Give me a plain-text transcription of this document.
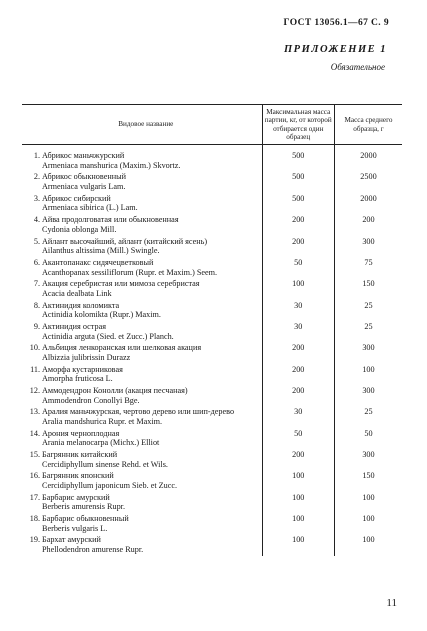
ГОСТ 13056.1—67 С. 9
ПРИЛОЖЕНИЕ 1
Обязательное
Видовое название	Максимальная масса партии, кг, от которой отбирается один образец	Масса среднего образца, г
1. Абрикос маньчжурский
Armeniaca manshurica (Maxim.) Skvortz.	500	2000
2. Абрикос обыкновенный
Armeniaca vulgaris Lam.	500	2500
3. Абрикос сибирский
Armeniaca sibirica (L.) Lam.	500	2000
4. Айва продолговатая или обыкновенная
Cydonia oblonga Mill.	200	200
5. Айлант высочайший, айлант (китайский ясень)
Ailanthus altissima (Mill.) Swingle.	200	300
6. Акантопанакс сидячецветковый
Acanthopanax sessiliflorum (Rupr. et Maxim.) Seem.	50	75
7. Акация серебристая или мимоза серебристая
Acacia dealbata Link	100	150
8. Актинидия коломикта
Actinidia kolomikta (Rupr.) Maxim.	30	25
9. Актинидия острая
Actinidia arguta (Sied. et Zucc.) Planch.	30	25
10. Альбиция ленкоранская или шелковая акация
Albizzia julibrissin Durazz	200	300
11. Аморфа кустарниковая
Amorpha fruticosa L.	200	100
12. Аммодендрон Конолли (акация песчаная)
Ammodendron Conollyi Bge.	200	300
13. Аралия маньчжурская, чертово дерево или шип-дерево
Aralia mandshurica Rupr. et Maxim.	30	25
14. Арония черноплодная
Arania melanocarpa (Michx.) Elliot	50	50
15. Багрянник китайский
Cercidiphyllum sinense Rehd. et Wils.	200	300
16. Багрянник японский
Cercidiphyllum japonicum Sieb. et Zucc.	100	150
17. Барбарис амурский
Berberis amurensis Rupr.	100	100
18. Барбарис обыкновенный
Berberis vulgaris L.	100	100
19. Бархат амурский
Phellodendron amurense Rupr.	100	100
11
